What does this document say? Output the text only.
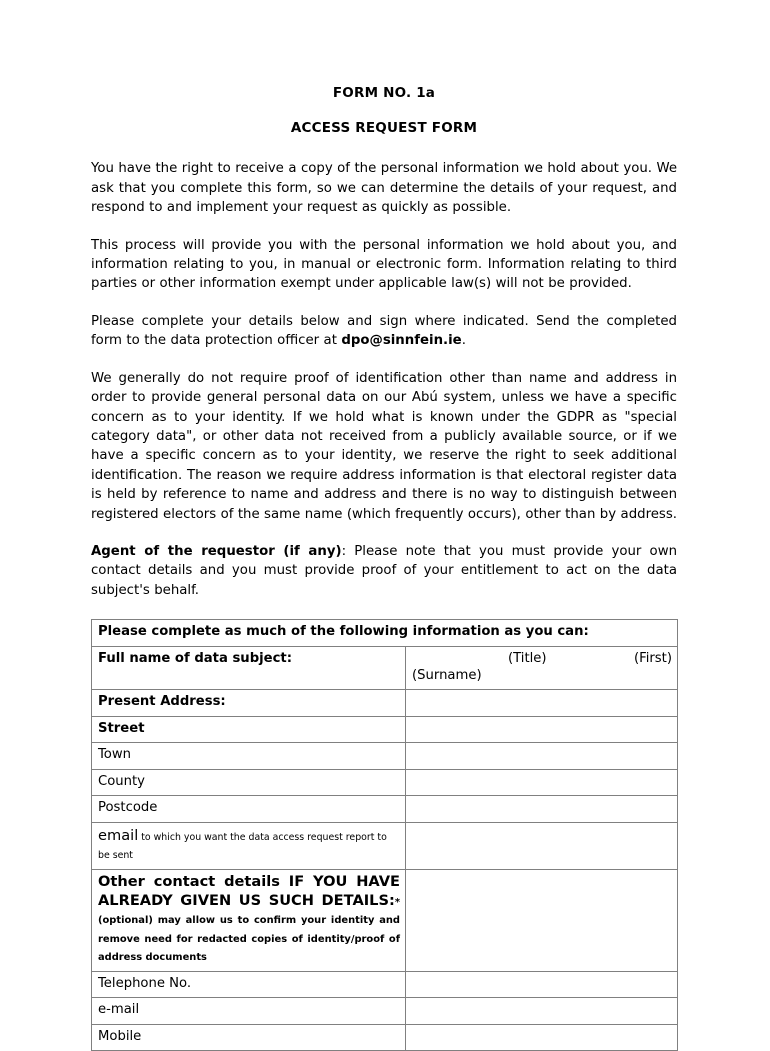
FORM NO. 1a
ACCESS REQUEST FORM

You have the right to receive a copy of the personal information we hold about you. We ask that you complete this form, so we can determine the details of your request, and respond to and implement your request as quickly as possible.

This process will provide you with the personal information we hold about you, and information relating to you, in manual or electronic form. Information relating to third parties or other information exempt under applicable law(s) will not be provided.

Please complete your details below and sign where indicated. Send the completed form to the data protection officer at dpo@sinnfein.ie.

We generally do not require proof of identification other than name and address in order to provide general personal data on our Abú system, unless we have a specific concern as to your identity. If we hold what is known under the GDPR as "special category data", or other data not received from a publicly available source, or if we have a specific concern as to your identity, we reserve the right to seek additional identification. The reason we require address information is that electoral register data is held by reference to name and address and there is no way to distinguish between registered electors of the same name (which frequently occurs), other than by address.

Agent of the requestor (if any): Please note that you must provide your own contact details and you must provide proof of your entitlement to act on the data subject's behalf.

Please complete as much of the following information as you can:	
Full name of data subject:	(Title) (First)
(Surname)

Present Address:	
Street	
Town	
County	
Postcode	
email to which you want the data access request report to be sent	
Other contact details IF YOU HAVE ALREADY GIVEN US SUCH DETAILS:*(optional) may allow us to confirm your identity and remove need for redacted copies of identity/proof of address documents	
Telephone No.	
e-mail	
Mobile	
